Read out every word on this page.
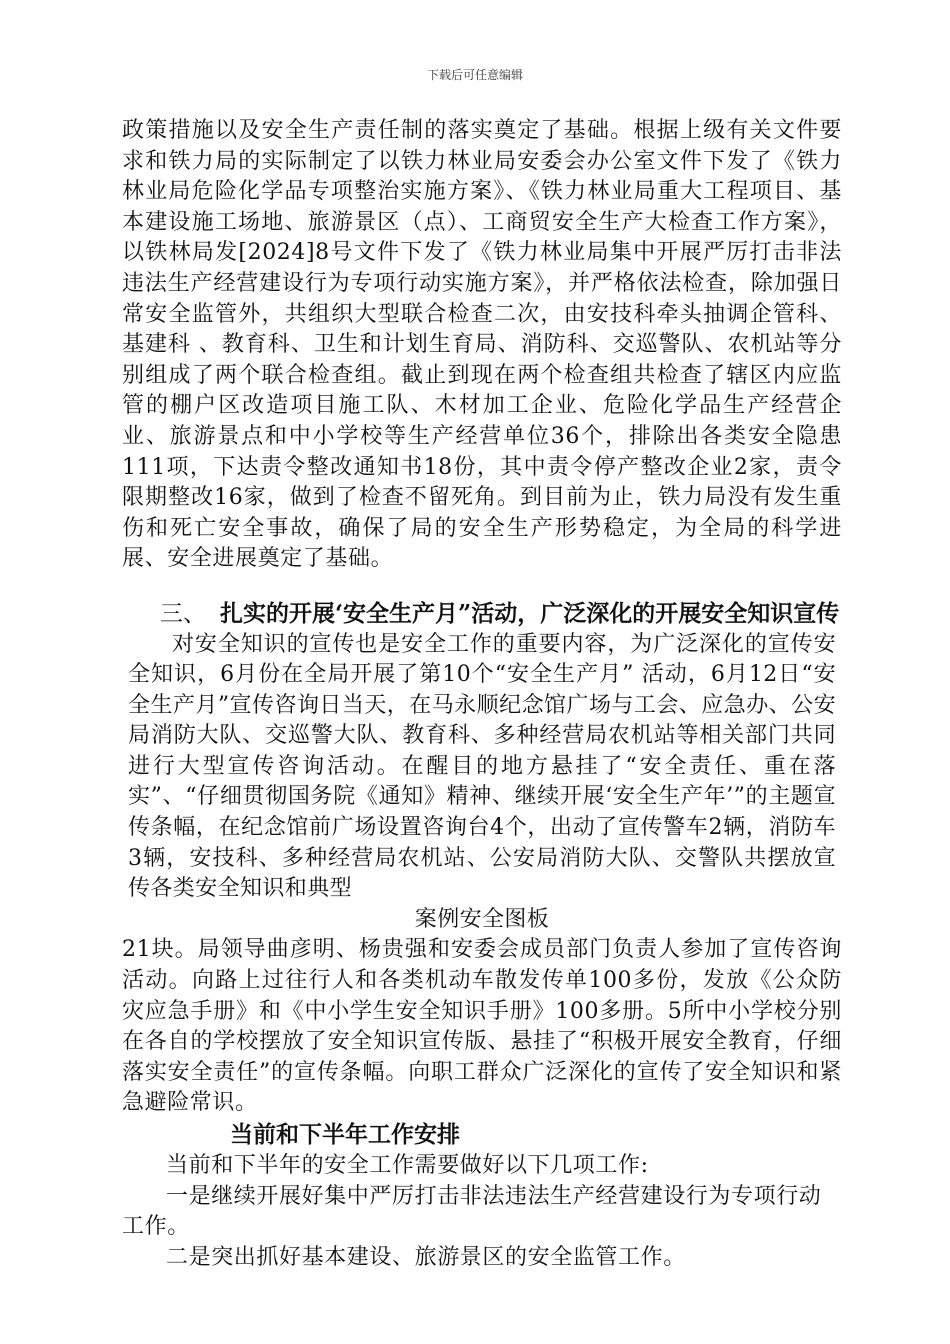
下载后可任意编辑

政策措施以及安全生产责任制的落实奠定了基础。根据上级有关文件要求和铁力局的实际制定了以铁力林业局安委会办公室文件下发了《铁力林业局危险化学品专项整治实施方案》、《铁力林业局重大工程项目、基本建设施工场地、旅游景区（点）、工商贸安全生产大检查工作方案》，以铁林局发[2024]8号文件下发了《铁力林业局集中开展严厉打击非法违法生产经营建设行为专项行动实施方案》，并严格依法检查，除加强日常安全监管外，共组织大型联合检查二次，由安技科牵头抽调企管科、基建科 、教育科、卫生和计划生育局、消防科、交巡警队、农机站等分别组成了两个联合检查组。截止到现在两个检查组共检查了辖区内应监管的棚户区改造项目施工队、木材加工企业、危险化学品生产经营企业、旅游景点和中小学校等生产经营单位36个，排除出各类安全隐患111项，下达责令整改通知书18份，其中责令停产整改企业2家，责令限期整改16家，做到了检查不留死角。到目前为止，铁力局没有发生重伤和死亡安全事故，确保了局的安全生产形势稳定，为全局的科学进展、安全进展奠定了基础。

三、 扎实的开展‘安全生产月”活动，广泛深化的开展安全知识宣传

对安全知识的宣传也是安全工作的重要内容，为广泛深化的宣传安全知识，6月份在全局开展了第10个“安全生产月” 活动，6月12日“安全生产月”宣传咨询日当天，在马永顺纪念馆广场与工会、应急办、公安局消防大队、交巡警大队、教育科、多种经营局农机站等相关部门共同进行大型宣传咨询活动。在醒目的地方悬挂了“安全责任、重在落实”、“仔细贯彻国务院《通知》精神、继续开展‘安全生产年’”的主题宣传条幅，在纪念馆前广场设置咨询台4个，出动了宣传警车2辆，消防车3辆，安技科、多种经营局农机站、公安局消防大队、交警队共摆放宣传各类安全知识和典型

案例安全图板

21块。局领导曲彦明、杨贵强和安委会成员部门负责人参加了宣传咨询活动。向路上过往行人和各类机动车散发传单100多份，发放《公众防灾应急手册》和《中小学生安全知识手册》100多册。5所中小学校分别在各自的学校摆放了安全知识宣传版、悬挂了“积极开展安全教育，仔细落实安全责任”的宣传条幅。向职工群众广泛深化的宣传了安全知识和紧急避险常识。

当前和下半年工作安排

当前和下半年的安全工作需要做好以下几项工作:

一是继续开展好集中严厉打击非法违法生产经营建设行为专项行动工作。

二是突出抓好基本建设、旅游景区的安全监管工作。
